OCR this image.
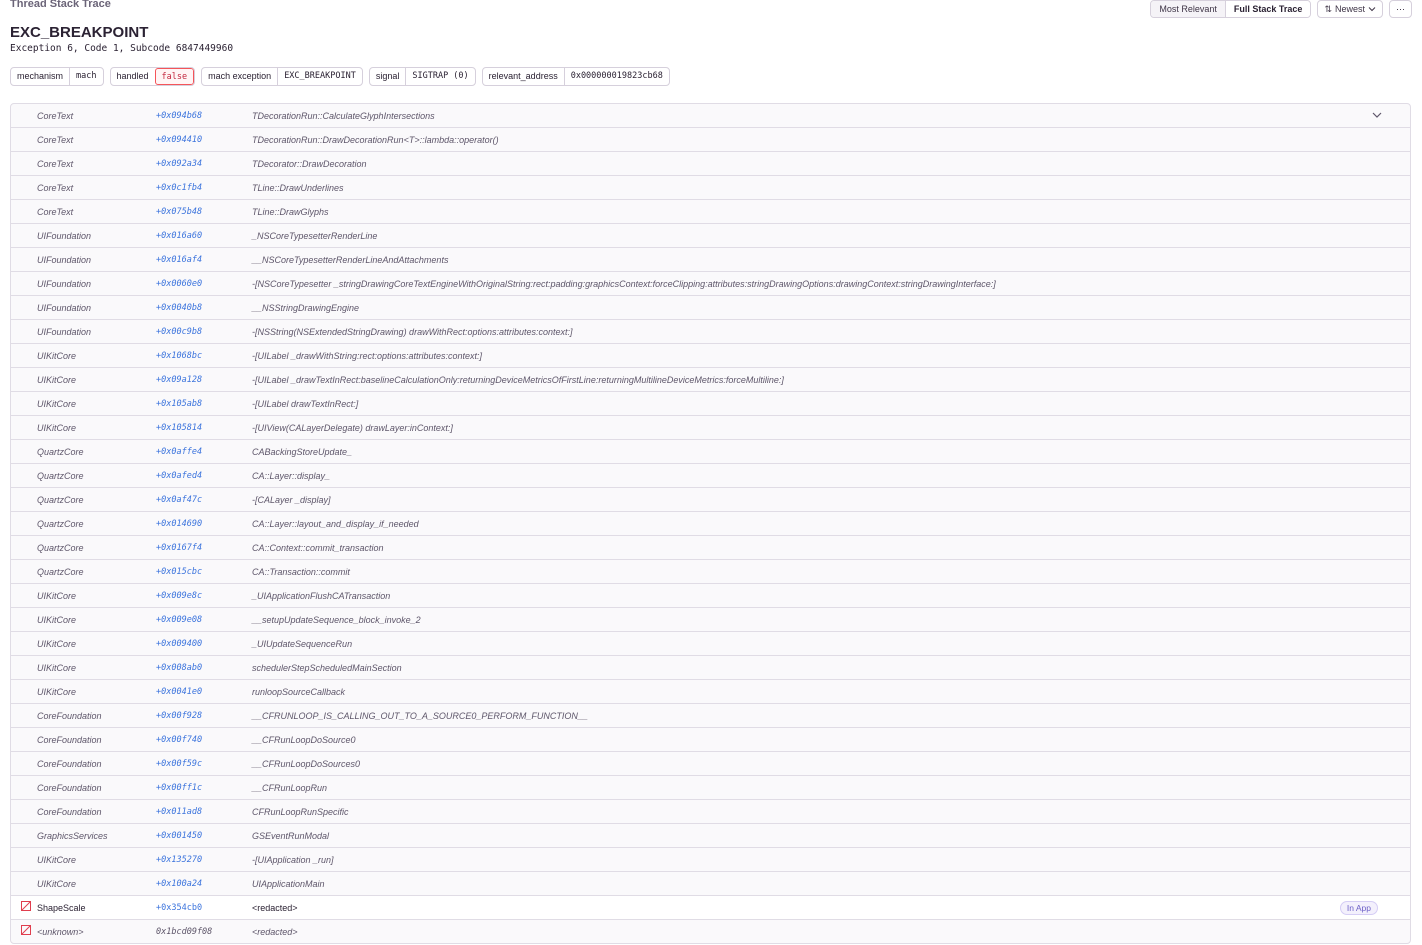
Thread Stack Trace	Most Relevant	Full Stack Trace	⇅ Newest	⋯
EXC_BREAKPOINT
Exception 6, Code 1, Subcode 6847449960
mechanism	mach	handled	false	mach exception	EXC_BREAKPOINT	signal	SIGTRAP (0)	relevant_address	0x000000019823cb68
CoreText	+0x094b68	TDecorationRun::CalculateGlyphIntersections
CoreText	+0x094410	TDecorationRun::DrawDecorationRun<T>::lambda::operator()
CoreText	+0x092a34	TDecorator::DrawDecoration
CoreText	+0x0c1fb4	TLine::DrawUnderlines
CoreText	+0x075b48	TLine::DrawGlyphs
UIFoundation	+0x016a60	_NSCoreTypesetterRenderLine
UIFoundation	+0x016af4	__NSCoreTypesetterRenderLineAndAttachments
UIFoundation	+0x0060e0	-[NSCoreTypesetter _stringDrawingCoreTextEngineWithOriginalString:rect:padding:graphicsContext:forceClipping:attributes:stringDrawingOptions:drawingContext:stringDrawingInterface:]
UIFoundation	+0x0040b8	__NSStringDrawingEngine
UIFoundation	+0x00c9b8	-[NSString(NSExtendedStringDrawing) drawWithRect:options:attributes:context:]
UIKitCore	+0x1068bc	-[UILabel _drawWithString:rect:options:attributes:context:]
UIKitCore	+0x09a128	-[UILabel _drawTextInRect:baselineCalculationOnly:returningDeviceMetricsOfFirstLine:returningMultilineDeviceMetrics:forceMultiline:]
UIKitCore	+0x105ab8	-[UILabel drawTextInRect:]
UIKitCore	+0x105814	-[UIView(CALayerDelegate) drawLayer:inContext:]
QuartzCore	+0x0affe4	CABackingStoreUpdate_
QuartzCore	+0x0afed4	CA::Layer::display_
QuartzCore	+0x0af47c	-[CALayer _display]
QuartzCore	+0x014690	CA::Layer::layout_and_display_if_needed
QuartzCore	+0x0167f4	CA::Context::commit_transaction
QuartzCore	+0x015cbc	CA::Transaction::commit
UIKitCore	+0x009e8c	_UIApplicationFlushCATransaction
UIKitCore	+0x009e08	__setupUpdateSequence_block_invoke_2
UIKitCore	+0x009400	_UIUpdateSequenceRun
UIKitCore	+0x008ab0	schedulerStepScheduledMainSection
UIKitCore	+0x0041e0	runloopSourceCallback
CoreFoundation	+0x00f928	__CFRUNLOOP_IS_CALLING_OUT_TO_A_SOURCE0_PERFORM_FUNCTION__
CoreFoundation	+0x00f740	__CFRunLoopDoSource0
CoreFoundation	+0x00f59c	__CFRunLoopDoSources0
CoreFoundation	+0x00ff1c	__CFRunLoopRun
CoreFoundation	+0x011ad8	CFRunLoopRunSpecific
GraphicsServices	+0x001450	GSEventRunModal
UIKitCore	+0x135270	-[UIApplication _run]
UIKitCore	+0x100a24	UIApplicationMain
ShapeScale	+0x354cb0	<redacted>	In App
<unknown>	0x1bcd09f08	<redacted>
